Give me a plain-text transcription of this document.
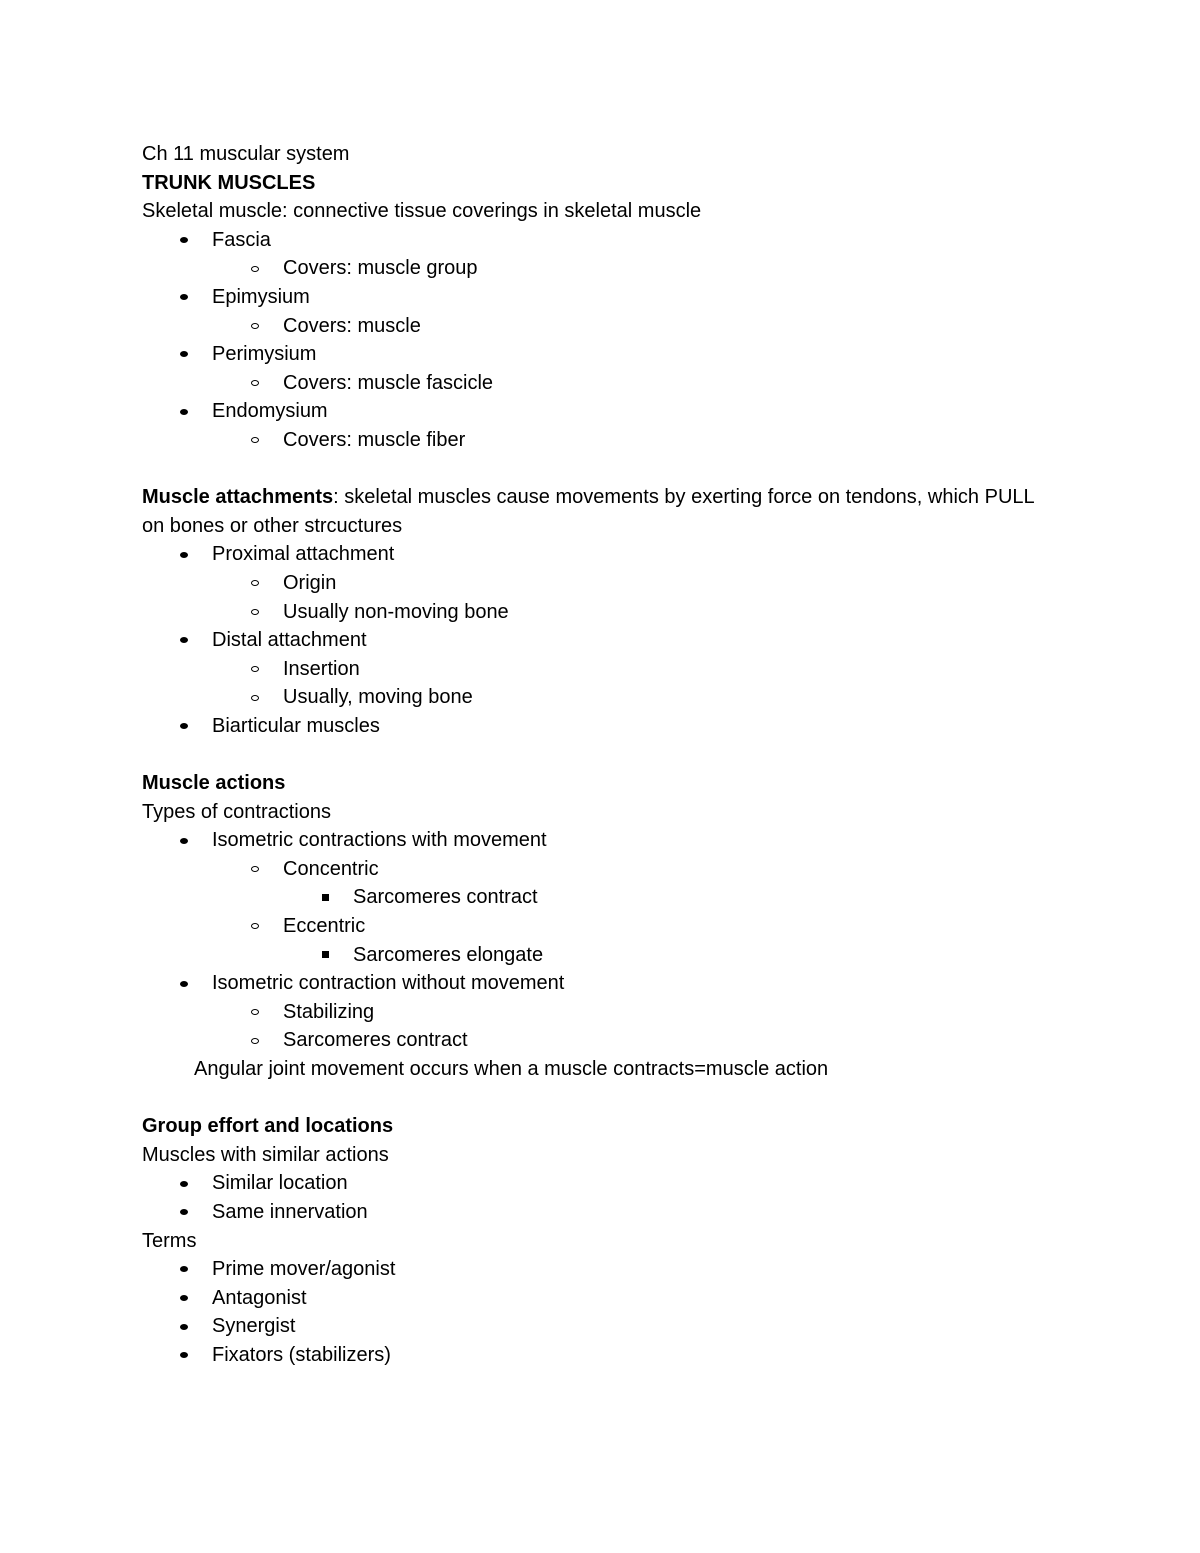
Ch 11 muscular system
TRUNK MUSCLES
Skeletal muscle: connective tissue coverings in skeletal muscle
Fascia
Covers: muscle group
Epimysium
Covers: muscle
Perimysium
Covers: muscle fascicle
Endomysium
Covers: muscle fiber
Muscle attachments: skeletal muscles cause movements by exerting force on tendons, which PULL on bones or other strcuctures
Proximal attachment
Origin
Usually non-moving bone
Distal attachment
Insertion
Usually, moving bone
Biarticular muscles
Muscle actions
Types of contractions
Isometric contractions with movement
Concentric
Sarcomeres contract
Eccentric
Sarcomeres elongate
Isometric contraction without movement
Stabilizing
Sarcomeres contract
Angular joint movement occurs when a muscle contracts=muscle action
Group effort and locations
Muscles with similar actions
Similar location
Same innervation
Terms
Prime mover/agonist
Antagonist
Synergist
Fixators (stabilizers)
